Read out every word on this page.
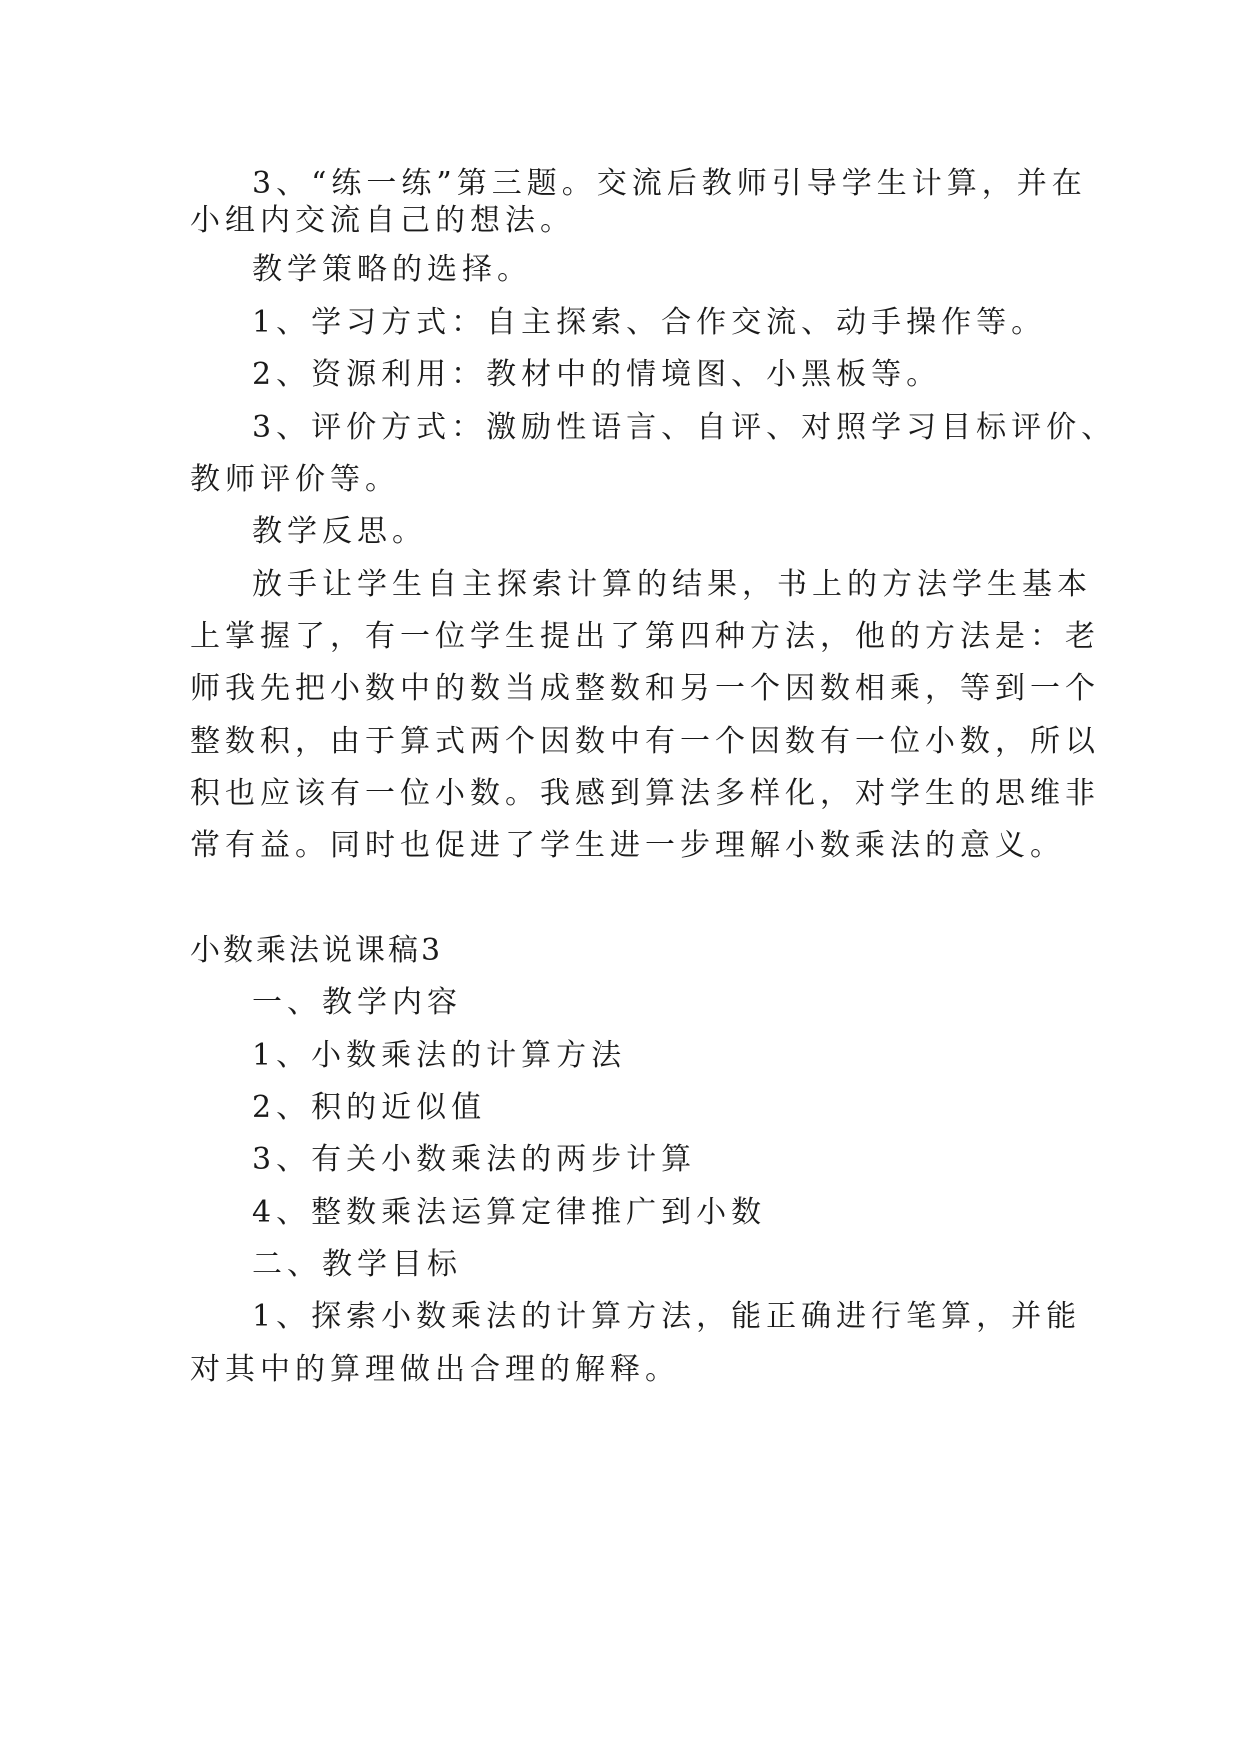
3、“练一练”第三题。交流后教师引导学生计算，并在
小组内交流自己的想法。
教学策略的选择。
1、学习方式：自主探索、合作交流、动手操作等。
2、资源利用：教材中的情境图、小黑板等。
3、评价方式：激励性语言、自评、对照学习目标评价、
教师评价等。
教学反思。
放手让学生自主探索计算的结果，书上的方法学生基本
上掌握了，有一位学生提出了第四种方法，他的方法是：老
师我先把小数中的数当成整数和另一个因数相乘，等到一个
整数积，由于算式两个因数中有一个因数有一位小数，所以
积也应该有一位小数。我感到算法多样化，对学生的思维非
常有益。同时也促进了学生进一步理解小数乘法的意义。
小数乘法说课稿3
一、教学内容
1、小数乘法的计算方法
2、积的近似值
3、有关小数乘法的两步计算
4、整数乘法运算定律推广到小数
二、教学目标
1、探索小数乘法的计算方法，能正确进行笔算，并能
对其中的算理做出合理的解释。
